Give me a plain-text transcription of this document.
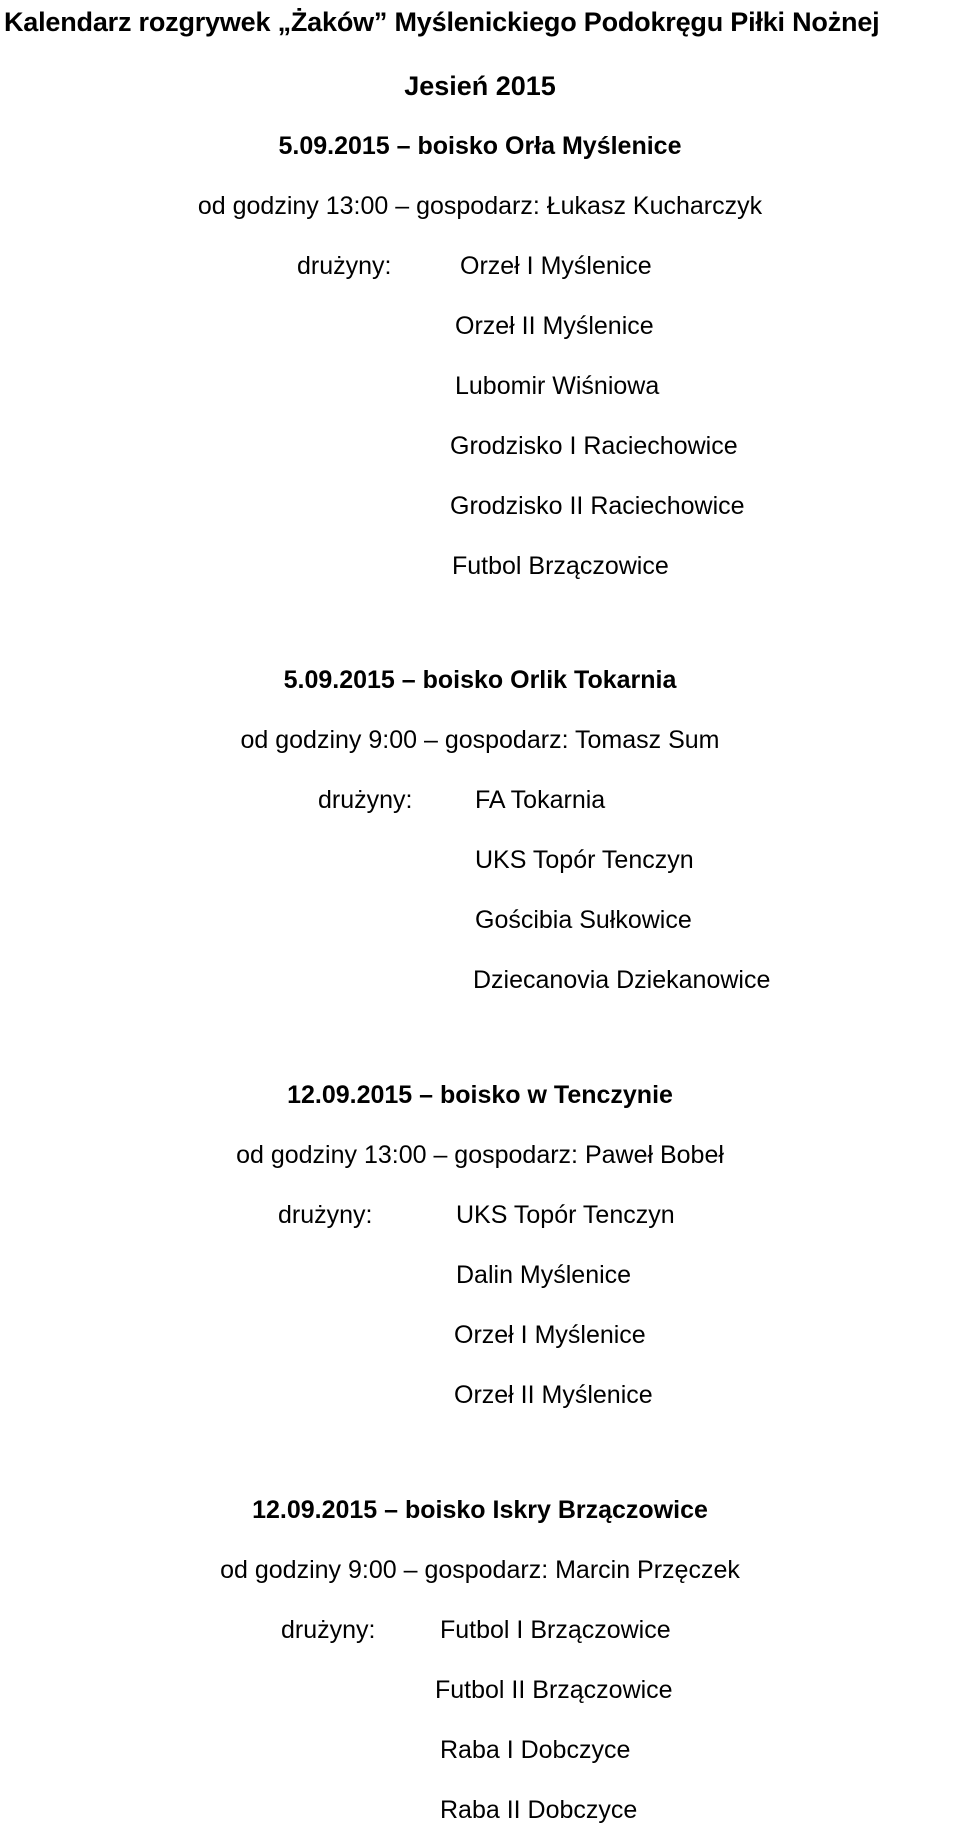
Kalendarz rozgrywek „Żaków” Myślenickiego Podokręgu Piłki Nożnej
Jesień 2015
5.09.2015 – boisko Orła Myślenice
od godziny 13:00 – gospodarz: Łukasz Kucharczyk
drużyny:	Orzeł I Myślenice
Orzeł II Myślenice
Lubomir Wiśniowa
Grodzisko I Raciechowice
Grodzisko II Raciechowice
Futbol Brzączowice
5.09.2015 – boisko Orlik Tokarnia
od godziny 9:00 – gospodarz: Tomasz Sum
drużyny:	FA Tokarnia
UKS Topór Tenczyn
Gościbia Sułkowice
Dziecanovia Dziekanowice
12.09.2015 – boisko w Tenczynie
od godziny 13:00 – gospodarz: Paweł Bobeł
drużyny:	UKS Topór Tenczyn
Dalin Myślenice
Orzeł I Myślenice
Orzeł II Myślenice
12.09.2015 – boisko Iskry Brzączowice
od godziny 9:00 – gospodarz: Marcin Przęczek
drużyny:	Futbol I Brzączowice
Futbol II Brzączowice
Raba I Dobczyce
Raba II Dobczyce
